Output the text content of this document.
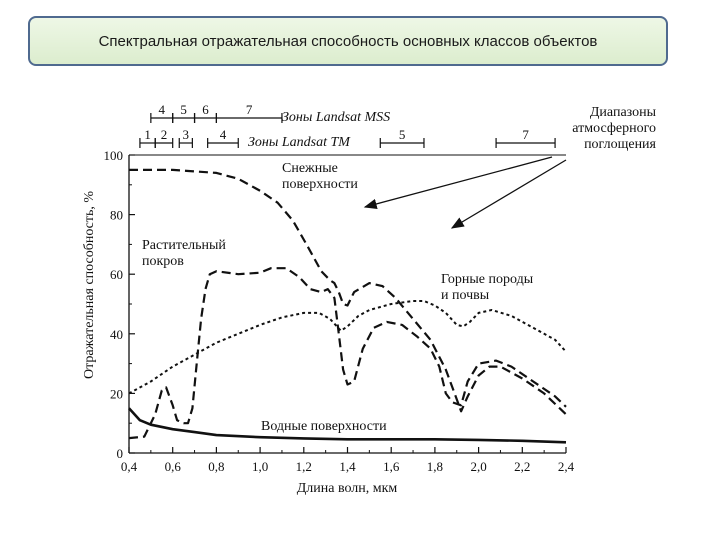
Спектральная отражательная способность основных классов объектов
0,4 0,6 0,8 1,0 1,2 1,4 1,6 1,8 2,0 2,2 2,4
0
20
40
60
80
100
4 5 6	7
1 2 3 4	5	7
Длина волн, мкм
Отражательная способность, %
Снежные
поверхности
Растительный
покров
Горные породы
и почвы
Водные поверхности
Диапазоны
атмосферного
поглощения
Зоны Landsat MSS
Зоны Landsat TM
